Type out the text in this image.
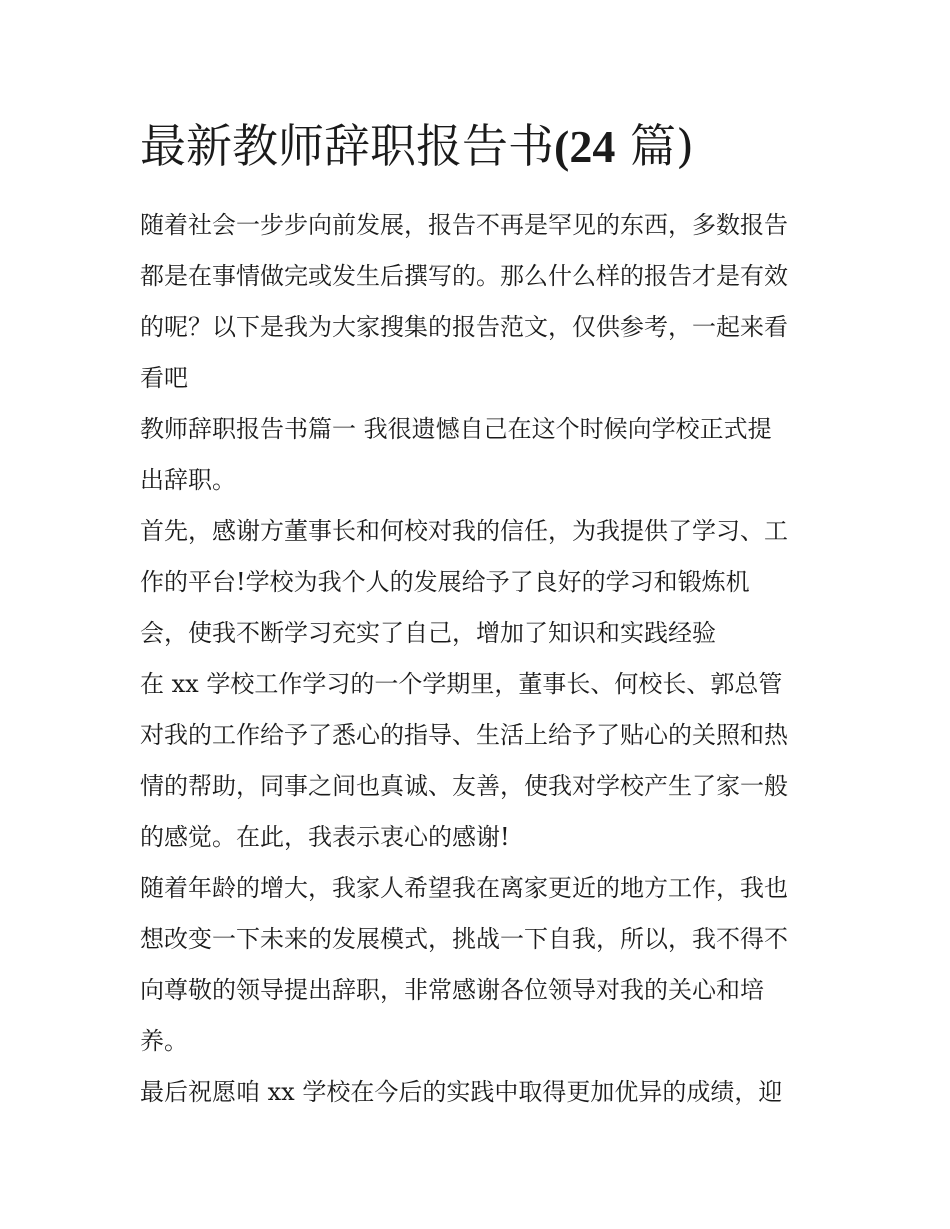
最新教师辞职报告书(24 篇)
随着社会一步步向前发展，报告不再是罕见的东西，多数报告
都是在事情做完或发生后撰写的。那么什么样的报告才是有效
的呢？以下是我为大家搜集的报告范文，仅供参考，一起来看
看吧
教师辞职报告书篇一 我很遗憾自己在这个时候向学校正式提
出辞职。
首先，感谢方董事长和何校对我的信任，为我提供了学习、工
作的平台!学校为我个人的发展给予了良好的学习和锻炼机
会，使我不断学习充实了自己，增加了知识和实践经验
在 xx 学校工作学习的一个学期里，董事长、何校长、郭总管
对我的工作给予了悉心的指导、生活上给予了贴心的关照和热
情的帮助，同事之间也真诚、友善，使我对学校产生了家一般
的感觉。在此，我表示衷心的感谢!
随着年龄的增大，我家人希望我在离家更近的地方工作，我也
想改变一下未来的发展模式，挑战一下自我，所以，我不得不
向尊敬的领导提出辞职，非常感谢各位领导对我的关心和培
养。
最后祝愿咱 xx 学校在今后的实践中取得更加优异的成绩，迎
